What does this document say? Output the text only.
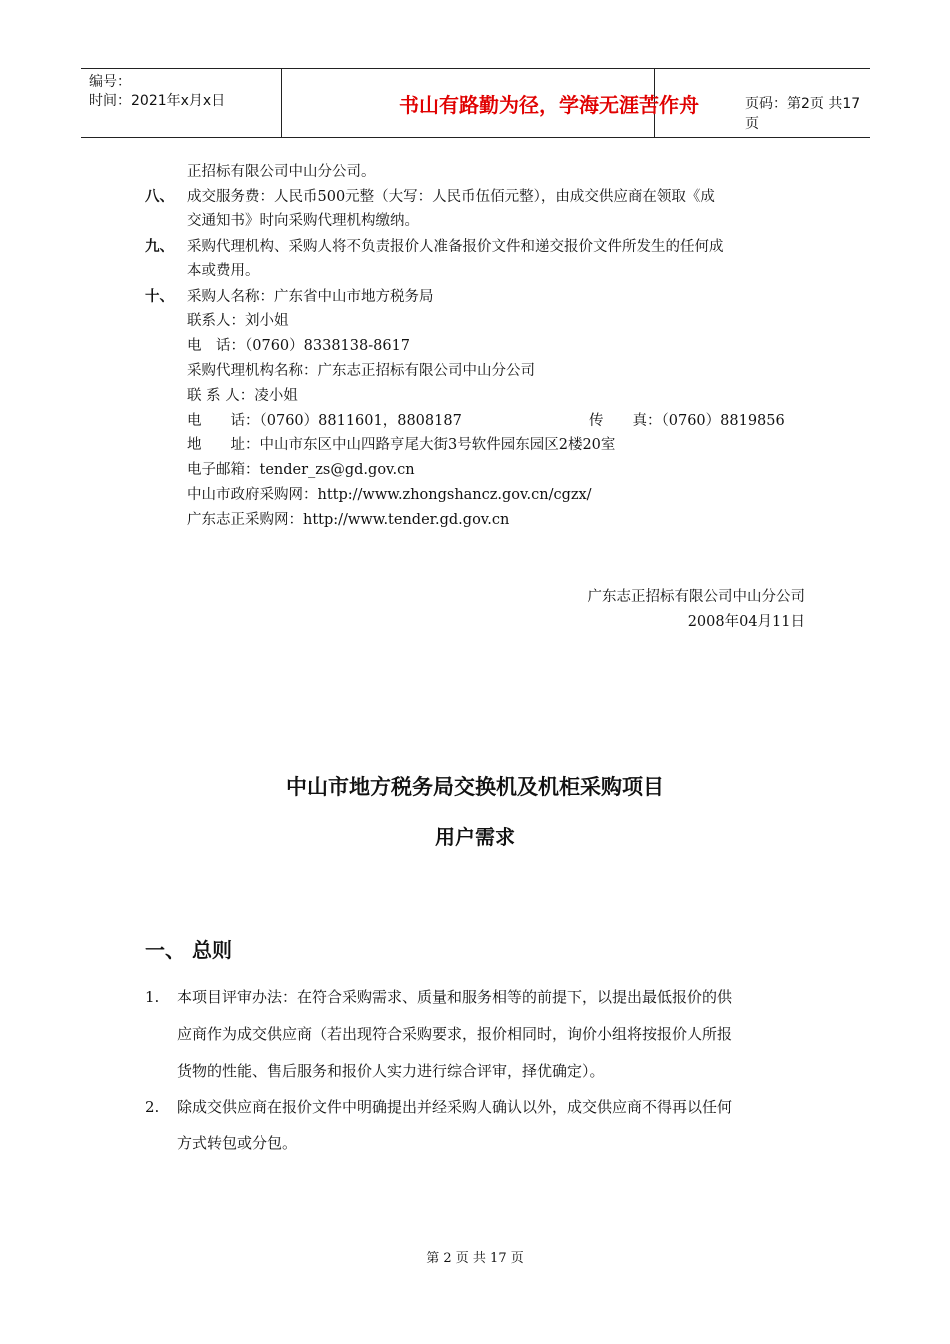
编号：
时间：2021年x月x日	书山有路勤为径，学海无涯苦作舟	页码：第2页 共17页
正招标有限公司中山分公司。
八、 成交服务费：人民币500元整（大写：人民币伍佰元整），由成交供应商在领取《成
交通知书》时向采购代理机构缴纳。
九、 采购代理机构、采购人将不负责报价人准备报价文件和递交报价文件所发生的任何成
本或费用。
十、 采购人名称：广东省中山市地方税务局
联系人：刘小姐
电　话：（0760）8338138-8617
采购代理机构名称：广东志正招标有限公司中山分公司
联 系 人：凌小姐
电　　话：（0760）8811601，8808187	传　　真：（0760）8819856
地　　址：中山市东区中山四路亨尾大街3号软件园东园区2楼20室
电子邮箱：tender_zs@gd.gov.cn
中山市政府采购网：http://www.zhongshancz.gov.cn/cgzx/
广东志正采购网：http://www.tender.gd.gov.cn
广东志正招标有限公司中山分公司
2008年04月11日
中山市地方税务局交换机及机柜采购项目
用户需求
一、 总则
1. 本项目评审办法：在符合采购需求、质量和服务相等的前提下，以提出最低报价的供
应商作为成交供应商（若出现符合采购要求，报价相同时，询价小组将按报价人所报
货物的性能、售后服务和报价人实力进行综合评审，择优确定）。
2. 除成交供应商在报价文件中明确提出并经采购人确认以外，成交供应商不得再以任何
方式转包或分包。
第 2 页 共 17 页
